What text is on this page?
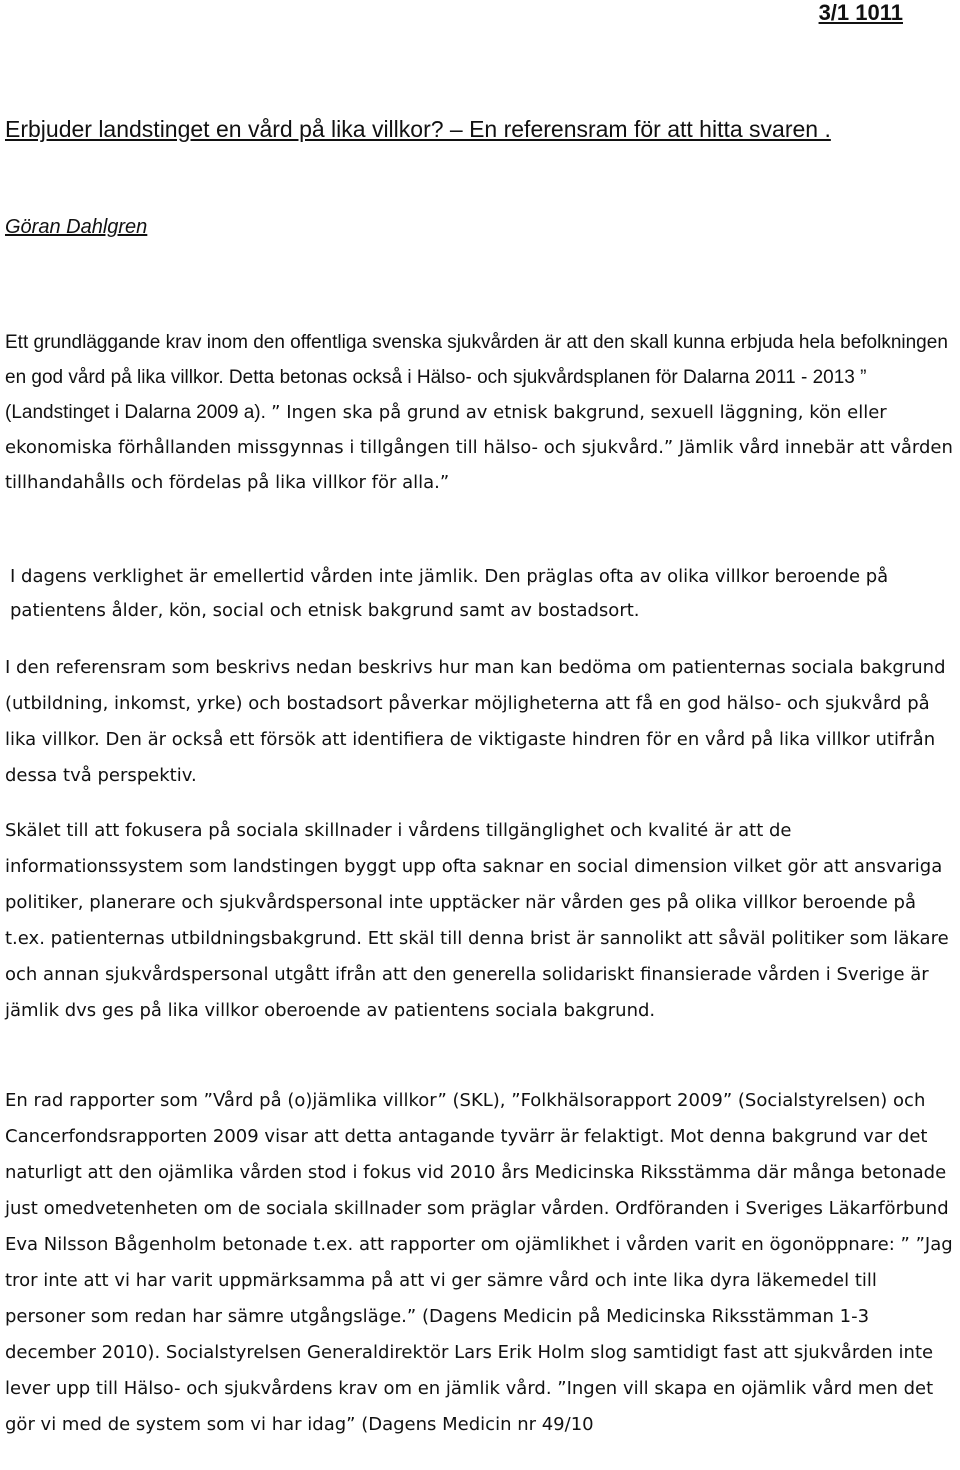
3/1 1011
Erbjuder landstinget en vård på lika villkor? – En referensram för att hitta svaren .
Göran Dahlgren

Ett grundläggande krav inom den offentliga svenska sjukvården är att den skall kunna erbjuda hela befolkningen en god vård på lika villkor. Detta betonas också i Hälso- och sjukvårdsplanen för Dalarna 2011 - 2013 ” (Landstinget i Dalarna 2009 a). ” Ingen ska på grund av etnisk bakgrund, sexuell läggning, kön eller ekonomiska förhållanden missgynnas i tillgången till hälso- och sjukvård.” Jämlik vård innebär att vården tillhandahålls och fördelas på lika villkor för alla.”

I dagens verklighet är emellertid vården inte jämlik. Den präglas ofta av olika villkor beroende på patientens ålder, kön, social och etnisk bakgrund samt av bostadsort.

I den referensram som beskrivs nedan beskrivs hur man kan bedöma om patienternas sociala bakgrund (utbildning, inkomst, yrke) och bostadsort påverkar möjligheterna att få en god hälso- och sjukvård på lika villkor. Den är också ett försök att identifiera de viktigaste hindren för en vård på lika villkor utifrån dessa två perspektiv.

Skälet till att fokusera på sociala skillnader i vårdens tillgänglighet och kvalité är att de informationssystem som landstingen byggt upp ofta saknar en social dimension vilket gör att ansvariga politiker, planerare och sjukvårdspersonal inte upptäcker när vården ges på olika villkor beroende på t.ex. patienternas utbildningsbakgrund. Ett skäl till denna brist är sannolikt att såväl politiker som läkare och annan sjukvårdspersonal utgått ifrån att den generella solidariskt finansierade vården i Sverige är jämlik dvs ges på lika villkor oberoende av patientens sociala bakgrund.

En rad rapporter som ”Vård på (o)jämlika villkor” (SKL), ”Folkhälsorapport 2009” (Socialstyrelsen) och Cancerfondsrapporten 2009 visar att detta antagande tyvärr är felaktigt. Mot denna bakgrund var det naturligt att den ojämlika vården stod i fokus vid 2010 års Medicinska Riksstämma där många betonade just omedvetenheten om de sociala skillnader som präglar vården. Ordföranden i Sveriges Läkarförbund Eva Nilsson Bågenholm betonade t.ex. att rapporter om ojämlikhet i vården varit en ögonöppnare: ” ”Jag tror inte att vi har varit uppmärksamma på att vi ger sämre vård och inte lika dyra läkemedel till personer som redan har sämre utgångsläge.” (Dagens Medicin på Medicinska Riksstämman 1-3 december 2010). Socialstyrelsen Generaldirektör Lars Erik Holm slog samtidigt fast att sjukvården inte lever upp till Hälso- och sjukvårdens krav om en jämlik vård. ”Ingen vill skapa en ojämlik vård men det gör vi med de system som vi har idag” (Dagens Medicin nr 49/10
